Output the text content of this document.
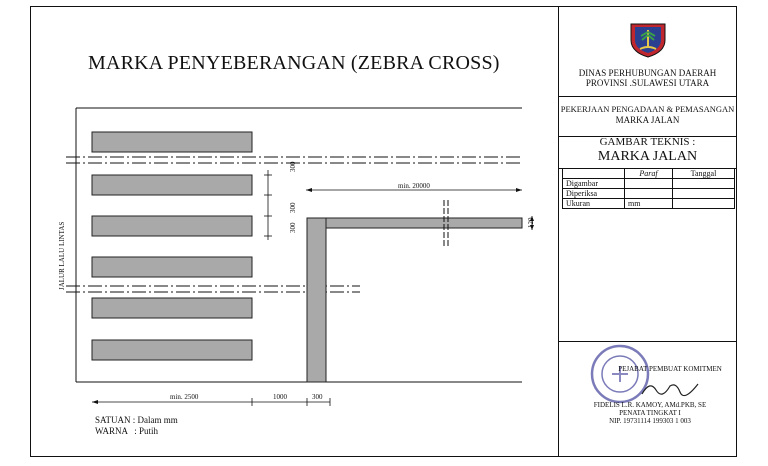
MARKA PENYEBERANGAN (ZEBRA CROSS)
300
300
300
min. 20000
120
min. 2500	1000	300
JALUR LALU LINTAS
SATUAN : Dalam mm
WARNA   : Putih
DINAS PERHUBUNGAN DAERAH
PROVINSI .SULAWESI UTARA
PEKERJAAN PENGADAAN & PEMASANGAN
MARKA JALAN
GAMBAR TEKNIS :
MARKA JALAN
	Paraf	Tanggal
Digambar		
Diperiksa		
Ukuran	mm	
PEJABAT PEMBUAT KOMITMEN
FIDELIS L.R. KAMOY, AMd.PKB, SE
PENATA TINGKAT I
NIP. 19731114 199303 1 003
